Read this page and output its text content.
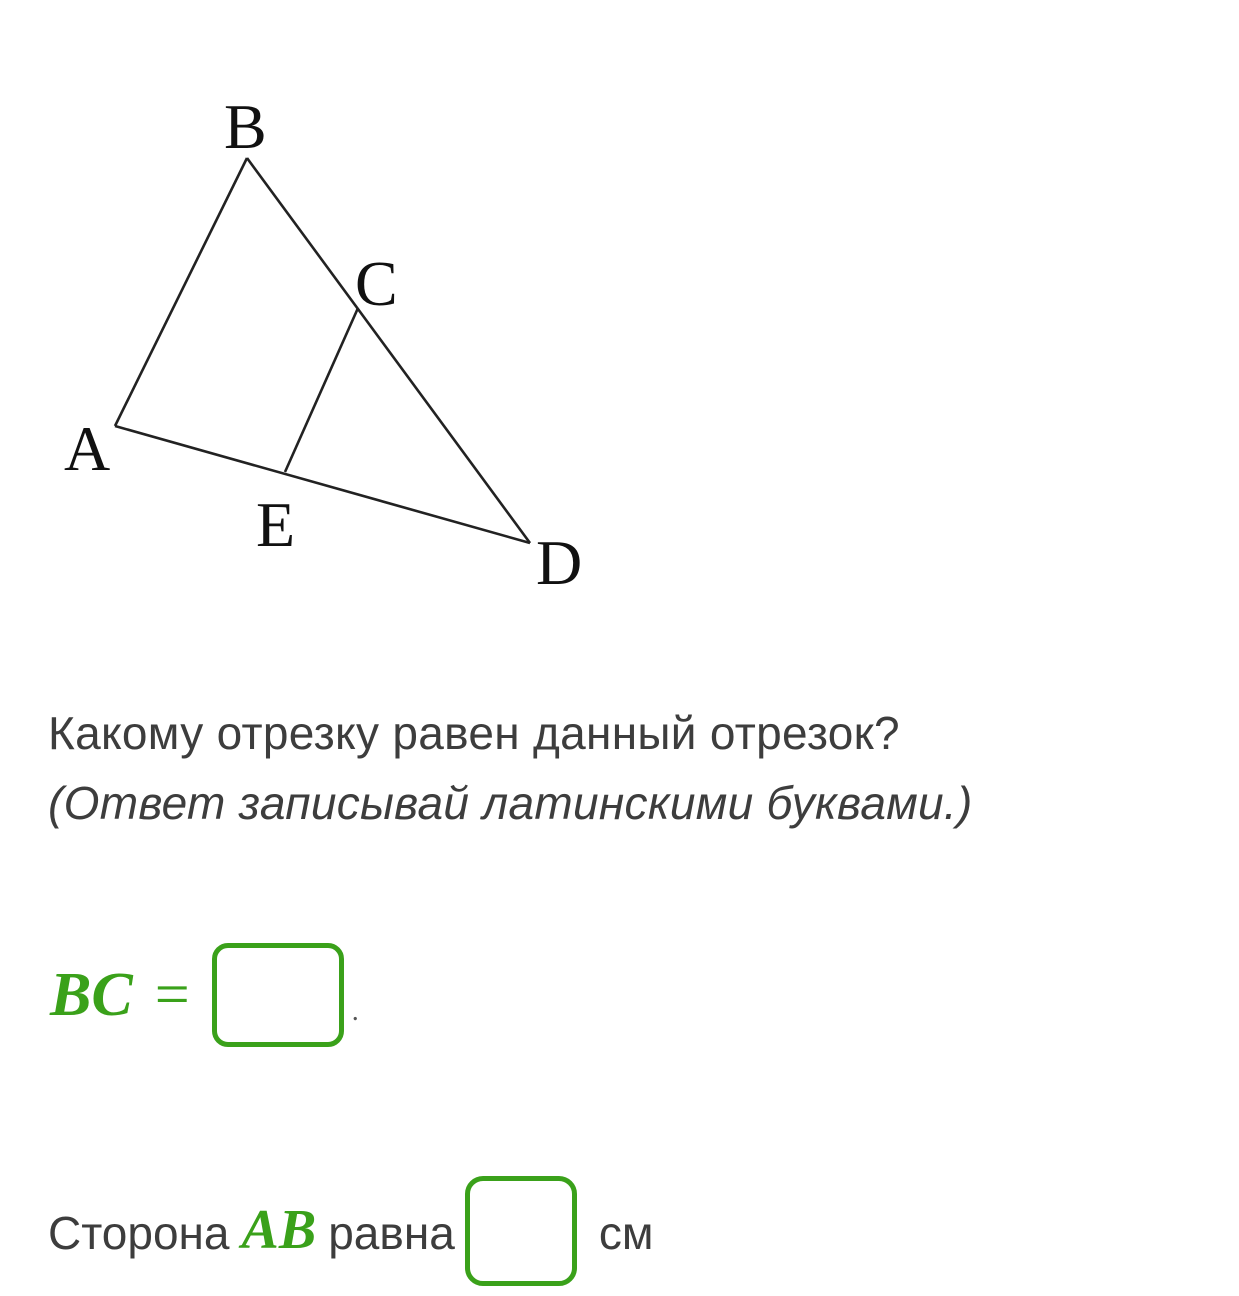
B
C
A
E
D
Какому отрезку равен данный отрезок?
(Ответ записывай латинскими буквами.)
BC =	.
Сторона AB равна	см
